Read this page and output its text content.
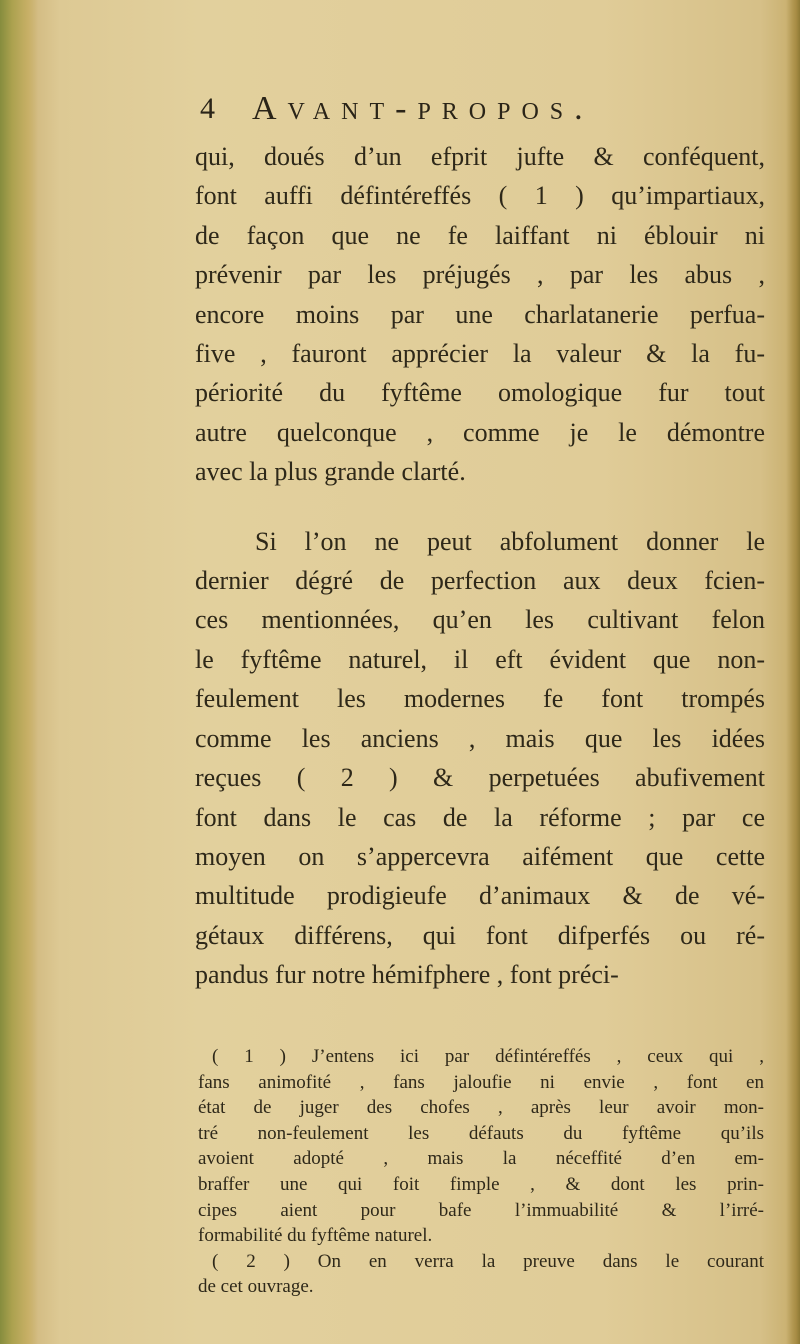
4 Avant-propos.

qui, doués d’un efprit jufte & conféquent,

font auffi défintéreffés ( 1 ) qu’impartiaux,

de façon que ne fe laiffant ni éblouir ni

prévenir par les préjugés , par les abus ,

encore moins par une charlatanerie perfua-

five , fauront apprécier la valeur & la fu-

périorité du fyftême omologique fur tout

autre quelconque , comme je le démontre

avec la plus grande clarté.

Si l’on ne peut abfolument donner le

dernier dégré de perfection aux deux fcien-

ces mentionnées, qu’en les cultivant felon

le fyftême naturel, il eft évident que non-

feulement les modernes fe font trompés

comme les anciens , mais que les idées

reçues ( 2 ) & perpetuées abufivement

font dans le cas de la réforme ; par ce

moyen on s’appercevra aifément que cette

multitude prodigieufe d’animaux & de vé-

gétaux différens, qui font difperfés ou ré-

pandus fur notre hémifphere , font préci-

( 1 ) J’entens ici par défintéreffés , ceux qui ,

fans animofité , fans jaloufie ni envie , font en

état de juger des chofes , après leur avoir mon-

tré non-feulement les défauts du fyftême qu’ils

avoient adopté , mais la néceffité d’en em-

braffer une qui foit fimple , & dont les prin-

cipes aient pour bafe l’immuabilité & l’irré-

formabilité du fyftême naturel.

( 2 ) On en verra la preuve dans le courant

de cet ouvrage.
